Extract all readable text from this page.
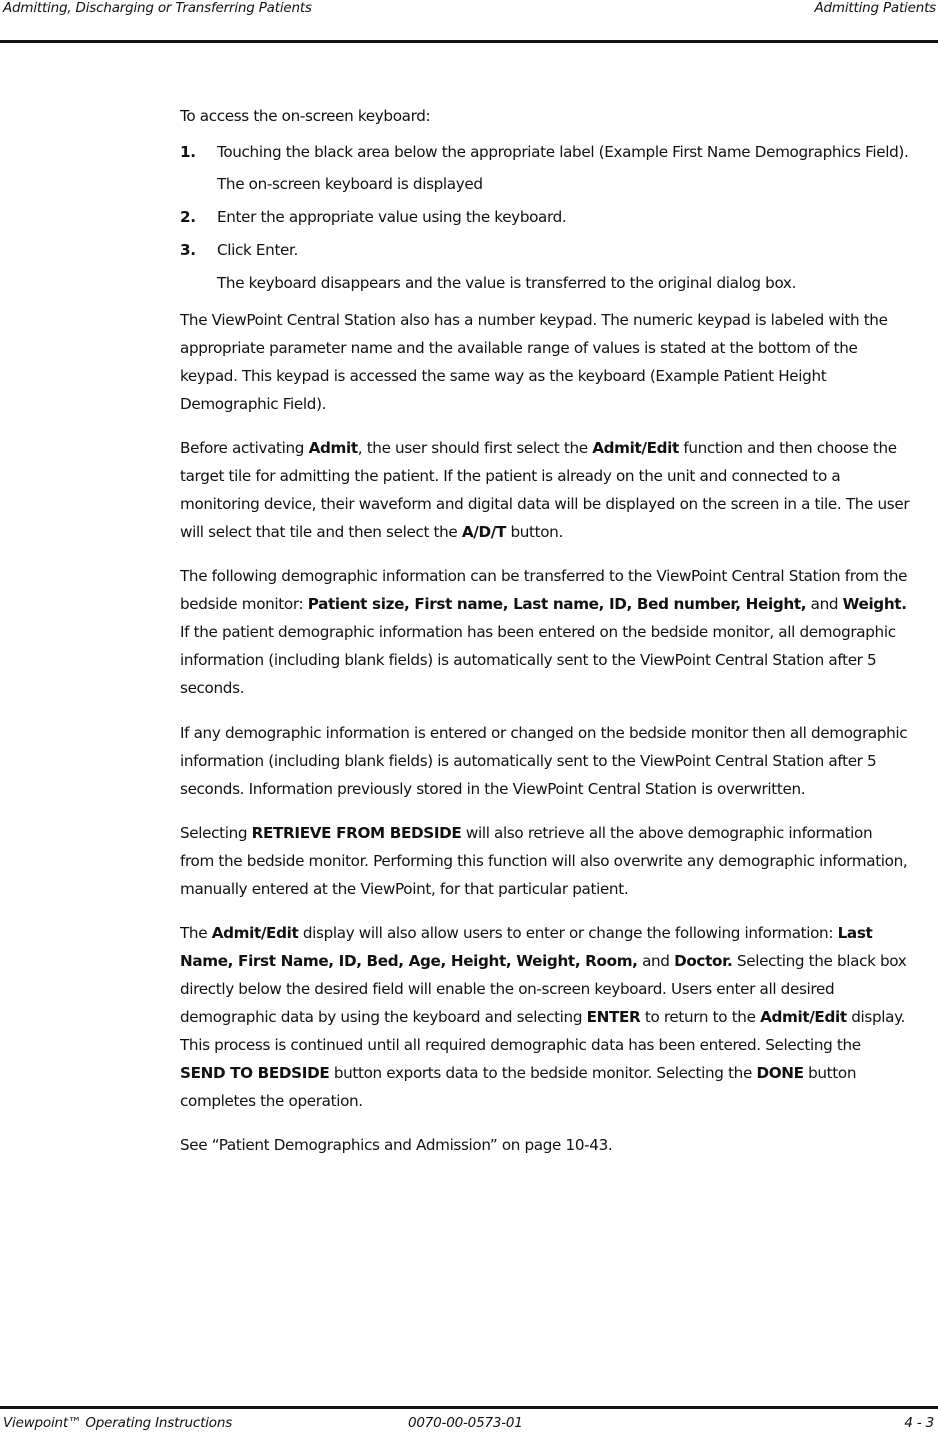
Admitting, Discharging or Transferring Patients	Admitting Patients
To access the on-screen keyboard:
1. Touching the black area below the appropriate label (Example First Name Demographics Field).
The on-screen keyboard is displayed
2. Enter the appropriate value using the keyboard.
3. Click Enter.
The keyboard disappears and the value is transferred to the original dialog box.

The ViewPoint Central Station also has a number keypad. The numeric keypad is labeled with the appropriate parameter name and the available range of values is stated at the bottom of the keypad. This keypad is accessed the same way as the keyboard (Example Patient Height Demographic Field).

Before activating Admit, the user should first select the Admit/Edit function and then choose the target tile for admitting the patient. If the patient is already on the unit and connected to a monitoring device, their waveform and digital data will be displayed on the screen in a tile. The user will select that tile and then select the A/D/T button.

The following demographic information can be transferred to the ViewPoint Central Station from the bedside monitor: Patient size, First name, Last name, ID, Bed number, Height, and Weight. If the patient demographic information has been entered on the bedside monitor, all demographic information (including blank fields) is automatically sent to the ViewPoint Central Station after 5 seconds.

If any demographic information is entered or changed on the bedside monitor then all demographic information (including blank fields) is automatically sent to the ViewPoint Central Station after 5 seconds. Information previously stored in the ViewPoint Central Station is overwritten.

Selecting RETRIEVE FROM BEDSIDE will also retrieve all the above demographic information from the bedside monitor. Performing this function will also overwrite any demographic information, manually entered at the ViewPoint, for that particular patient.

The Admit/Edit display will also allow users to enter or change the following information: Last Name, First Name, ID, Bed, Age, Height, Weight, Room, and Doctor. Selecting the black box directly below the desired field will enable the on-screen keyboard. Users enter all desired demographic data by using the keyboard and selecting ENTER to return to the Admit/Edit display. This process is continued until all required demographic data has been entered. Selecting the SEND TO BEDSIDE button exports data to the bedside monitor. Selecting the DONE button completes the operation.

See “Patient Demographics and Admission” on page 10-43.

Viewpoint™ Operating Instructions	0070-00-0573-01	4 - 3
